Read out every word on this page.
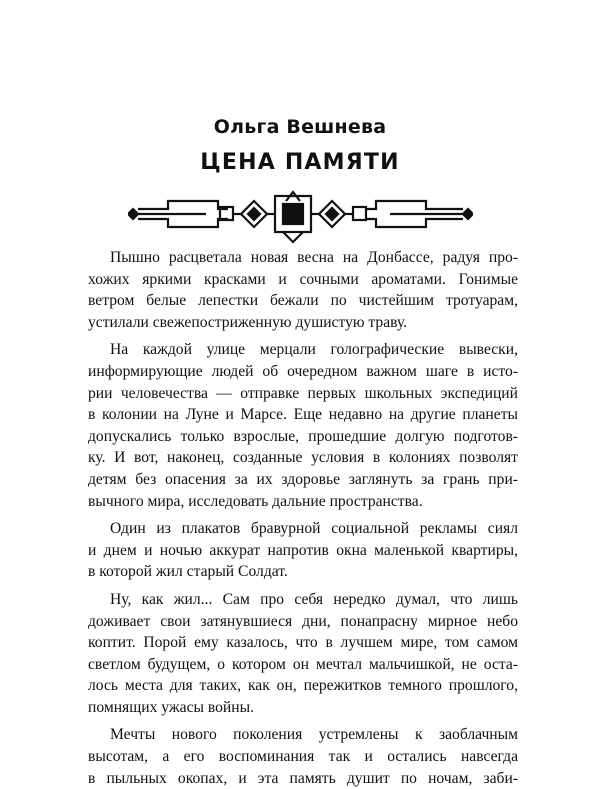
Ольга Вешнева
ЦЕНА ПАМЯТИ

Пышно расцветала новая весна на Донбассе, радуя про-
хожих яркими красками и сочными ароматами. Гонимые
ветром белые лепестки бежали по чистейшим тротуарам,
устилали свежепостриженную душистую траву.

На каждой улице мерцали голографические вывески,
информирующие людей об очередном важном шаге в исто-
рии человечества — отправке первых школьных экспедиций
в колонии на Луне и Марсе. Еще недавно на другие планеты
допускались только взрослые, прошедшие долгую подготов-
ку. И вот, наконец, созданные условия в колониях позволят
детям без опасения за их здоровье заглянуть за грань при-
вычного мира, исследовать дальние пространства.

Один из плакатов бравурной социальной рекламы сиял
и днем и ночью аккурат напротив окна маленькой квартиры,
в которой жил старый Солдат.

Ну, как жил... Сам про себя нередко думал, что лишь
доживает свои затянувшиеся дни, понапрасну мирное небо
коптит. Порой ему казалось, что в лучшем мире, том самом
светлом будущем, о котором он мечтал мальчишкой, не оста-
лось места для таких, как он, пережитков темного прошлого,
помнящих ужасы войны.

Мечты нового поколения устремлены к заоблачным
высотам, а его воспоминания так и остались навсегда
в пыльных окопах, и эта память душит по ночам, заби-
